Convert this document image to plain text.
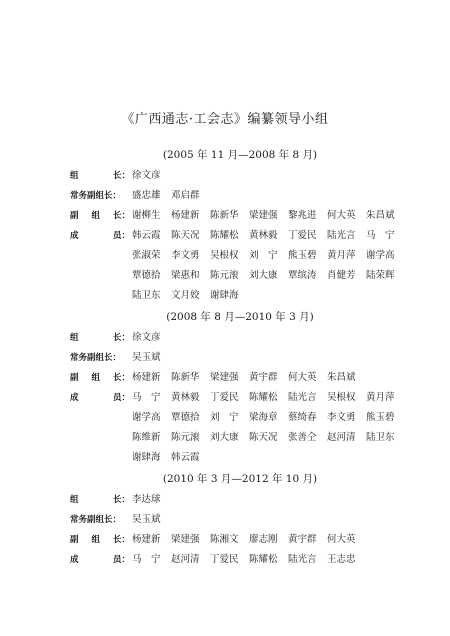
《广西通志·工会志》编纂领导小组
(2005 年 11 月—2008 年 8 月)
组	长： 徐文彦
常务副组长：	盛忠雄	邓启群
副 组 长： 谢柳生	杨建新	陈新华	梁建强	黎兆进	何大英	朱昌斌
成	员： 韩云霞	陈天况	陈耀松	黄林毅	丁爱民	陆光言	马　宁
张淑荣	李文勇	吴根权	刘　宁	熊玉碧	黄月萍	谢学高
覃德拾	梁惠和	陈元滚	刘大康	覃缤涛	肖健芳	陆荣辉
陆卫东	文月姣	谢肆海
(2008 年 8 月—2010 年 3 月)
组	长： 徐文彦
常务副组长：	吴玉斌
副 组 长： 杨建新	陈新华	梁建强	黄宇群	何大英	朱昌斌
成	员： 马　宁	黄林毅	丁爱民	陈耀松	陆光言	吴根权	黄月萍
谢学高	覃德拾	刘　宁	梁海章	蔡绮春	李文勇	熊玉碧
陈维新	陈元滚	刘大康	陈天况	张善仝	赵河清	陆卫东
谢肆海	韩云霞
(2010 年 3 月—2012 年 10 月)
组	长： 李达球
常务副组长：	吴玉斌
副 组 长： 杨建新	梁建强	陈湘文	廖志刚	黄宇群	何大英
成	员： 马　宁	赵河清	丁爱民	陈耀松	陆光言	王志忠
